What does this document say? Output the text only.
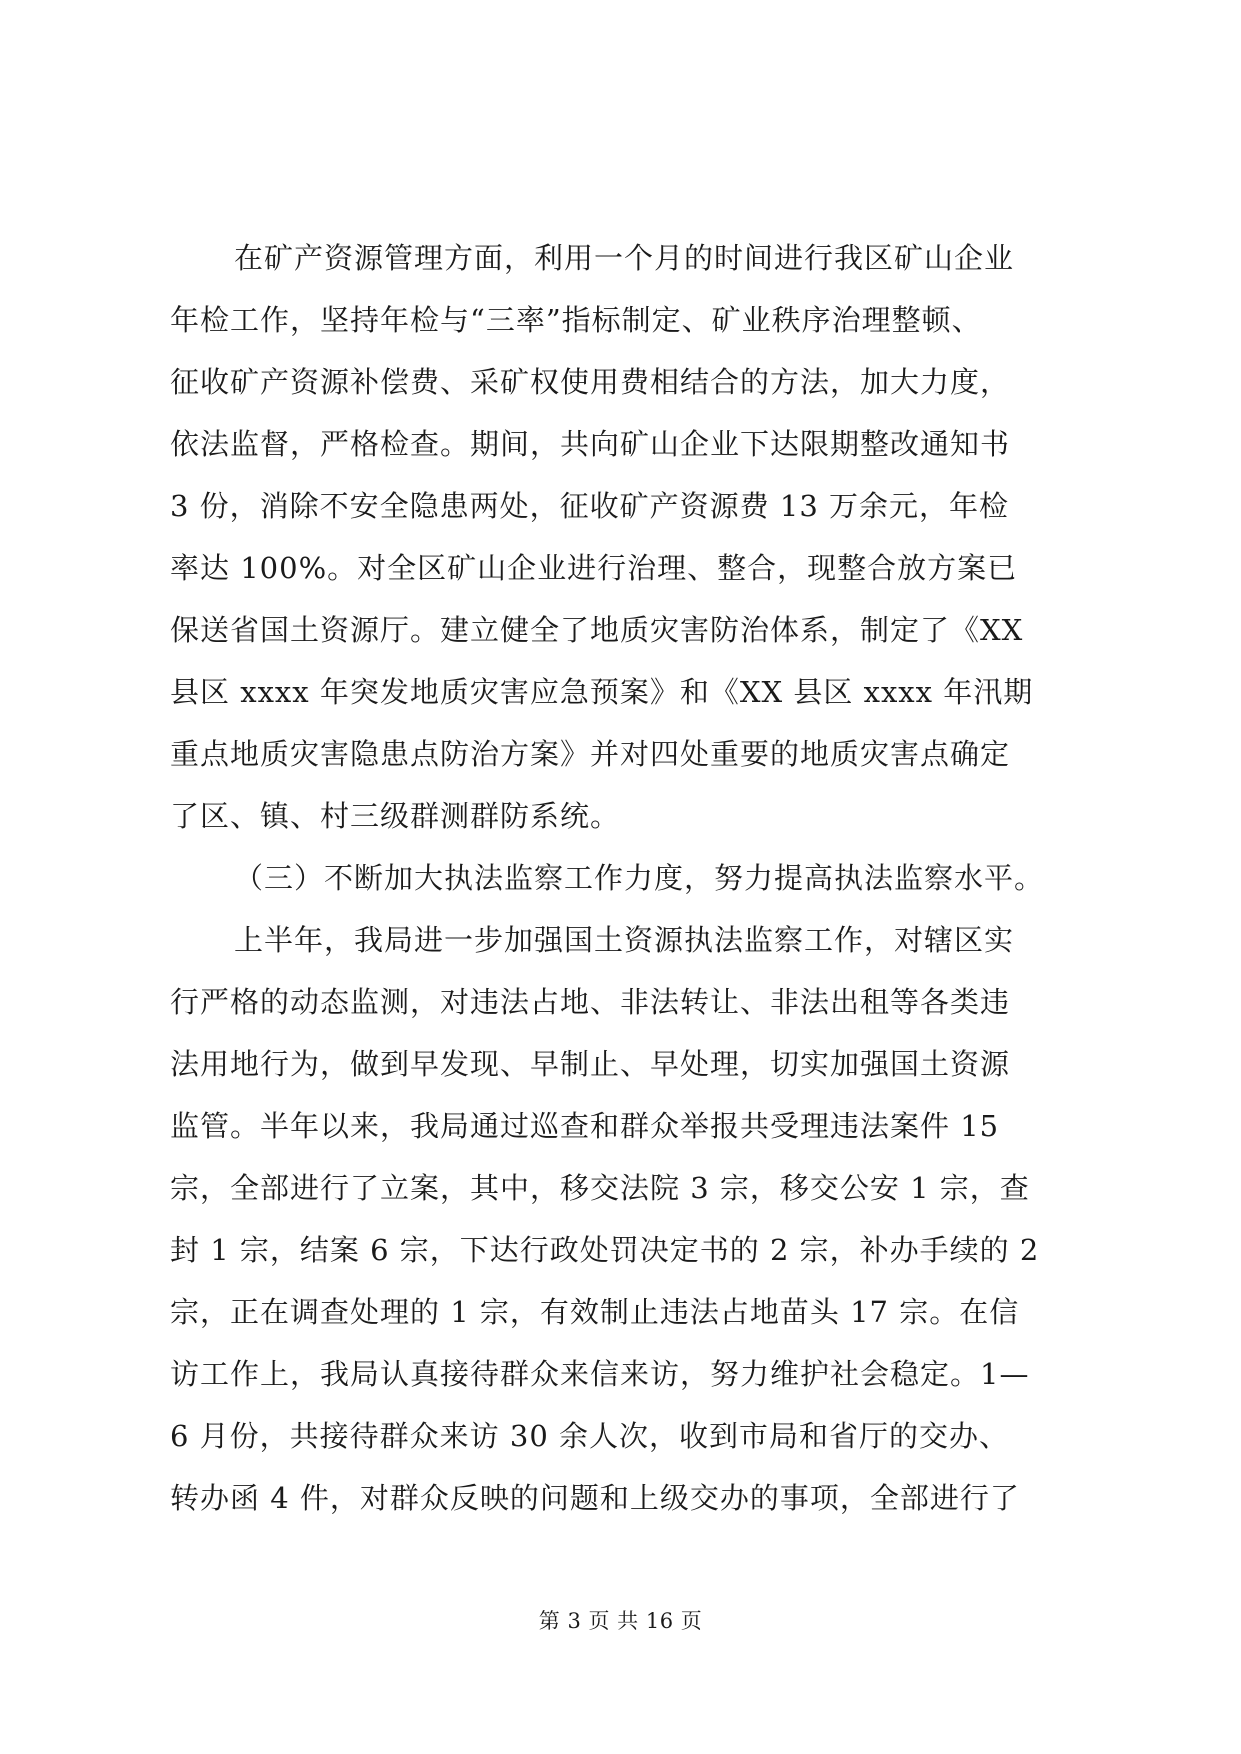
在矿产资源管理方面，利用一个月的时间进行我区矿山企业
年检工作，坚持年检与“三率”指标制定、矿业秩序治理整顿、
征收矿产资源补偿费、采矿权使用费相结合的方法，加大力度，
依法监督，严格检查。期间，共向矿山企业下达限期整改通知书
3 份，消除不安全隐患两处，征收矿产资源费 13 万余元，年检
率达 100%。对全区矿山企业进行治理、整合，现整合放方案已
保送省国土资源厅。建立健全了地质灾害防治体系，制定了《XX
县区 xxxx 年突发地质灾害应急预案》和《XX 县区 xxxx 年汛期
重点地质灾害隐患点防治方案》并对四处重要的地质灾害点确定
了区、镇、村三级群测群防系统。
（三）不断加大执法监察工作力度，努力提高执法监察水平。
上半年，我局进一步加强国土资源执法监察工作，对辖区实
行严格的动态监测，对违法占地、非法转让、非法出租等各类违
法用地行为，做到早发现、早制止、早处理，切实加强国土资源
监管。半年以来，我局通过巡查和群众举报共受理违法案件 15
宗，全部进行了立案，其中，移交法院 3 宗，移交公安 1 宗，查
封 1 宗，结案 6 宗，下达行政处罚决定书的 2 宗，补办手续的 2
宗，正在调查处理的 1 宗，有效制止违法占地苗头 17 宗。在信
访工作上，我局认真接待群众来信来访，努力维护社会稳定。1—
6 月份，共接待群众来访 30 余人次，收到市局和省厅的交办、
转办函 4 件，对群众反映的问题和上级交办的事项，全部进行了
第 3 页 共 16 页
